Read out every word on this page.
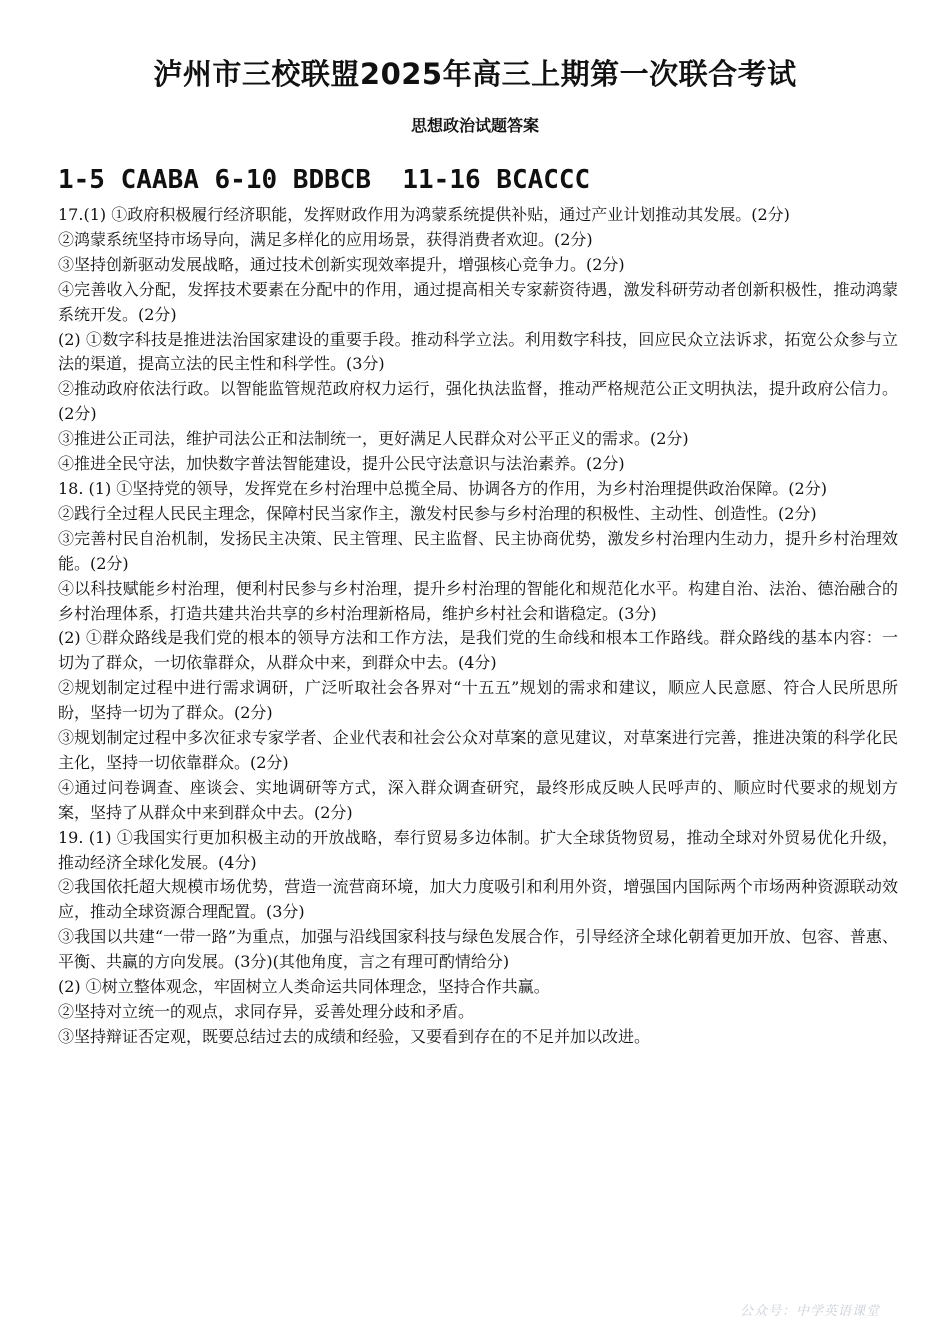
泸州市三校联盟2025年高三上期第一次联合考试
思想政治试题答案
1-5 CAABA 6-10 BDBCB  11-16 BCACCC

17.(1) ①政府积极履行经济职能，发挥财政作用为鸿蒙系统提供补贴，通过产业计划推动其发展。(2分)

②鸿蒙系统坚持市场导向，满足多样化的应用场景，获得消费者欢迎。(2分)

③坚持创新驱动发展战略，通过技术创新实现效率提升，增强核心竞争力。(2分)

④完善收入分配，发挥技术要素在分配中的作用，通过提高相关专家薪资待遇，激发科研劳动者创新积极性，推动鸿蒙系统开发。(2分)

(2) ①数字科技是推进法治国家建设的重要手段。推动科学立法。利用数字科技，回应民众立法诉求，拓宽公众参与立法的渠道，提高立法的民主性和科学性。(3分)

②推动政府依法行政。以智能监管规范政府权力运行，强化执法监督，推动严格规范公正文明执法，提升政府公信力。(2分)

③推进公正司法，维护司法公正和法制统一，更好满足人民群众对公平正义的需求。(2分)

④推进全民守法，加快数字普法智能建设，提升公民守法意识与法治素养。(2分)

18. (1) ①坚持党的领导，发挥党在乡村治理中总揽全局、协调各方的作用，为乡村治理提供政治保障。(2分)

②践行全过程人民民主理念，保障村民当家作主，激发村民参与乡村治理的积极性、主动性、创造性。(2分)

③完善村民自治机制，发扬民主决策、民主管理、民主监督、民主协商优势，激发乡村治理内生动力，提升乡村治理效能。(2分)

④以科技赋能乡村治理，便利村民参与乡村治理，提升乡村治理的智能化和规范化水平。构建自治、法治、德治融合的乡村治理体系，打造共建共治共享的乡村治理新格局，维护乡村社会和谐稳定。(3分)

(2) ①群众路线是我们党的根本的领导方法和工作方法，是我们党的生命线和根本工作路线。群众路线的基本内容：一切为了群众，一切依靠群众，从群众中来，到群众中去。(4分)

②规划制定过程中进行需求调研，广泛听取社会各界对“十五五”规划的需求和建议，顺应人民意愿、符合人民所思所盼，坚持一切为了群众。(2分)

③规划制定过程中多次征求专家学者、企业代表和社会公众对草案的意见建议，对草案进行完善，推进决策的科学化民主化，坚持一切依靠群众。(2分)

④通过问卷调查、座谈会、实地调研等方式，深入群众调查研究，最终形成反映人民呼声的、顺应时代要求的规划方案，坚持了从群众中来到群众中去。(2分)

19. (1) ①我国实行更加积极主动的开放战略，奉行贸易多边体制。扩大全球货物贸易，推动全球对外贸易优化升级，推动经济全球化发展。(4分)

②我国依托超大规模市场优势，营造一流营商环境，加大力度吸引和利用外资，增强国内国际两个市场两种资源联动效应，推动全球资源合理配置。(3分)

③我国以共建“一带一路”为重点，加强与沿线国家科技与绿色发展合作，引导经济全球化朝着更加开放、包容、普惠、平衡、共赢的方向发展。(3分)(其他角度，言之有理可酌情给分)

(2) ①树立整体观念，牢固树立人类命运共同体理念，坚持合作共赢。

②坚持对立统一的观点，求同存异，妥善处理分歧和矛盾。

③坚持辩证否定观，既要总结过去的成绩和经验，又要看到存在的不足并加以改进。

公众号：中学英语课堂
